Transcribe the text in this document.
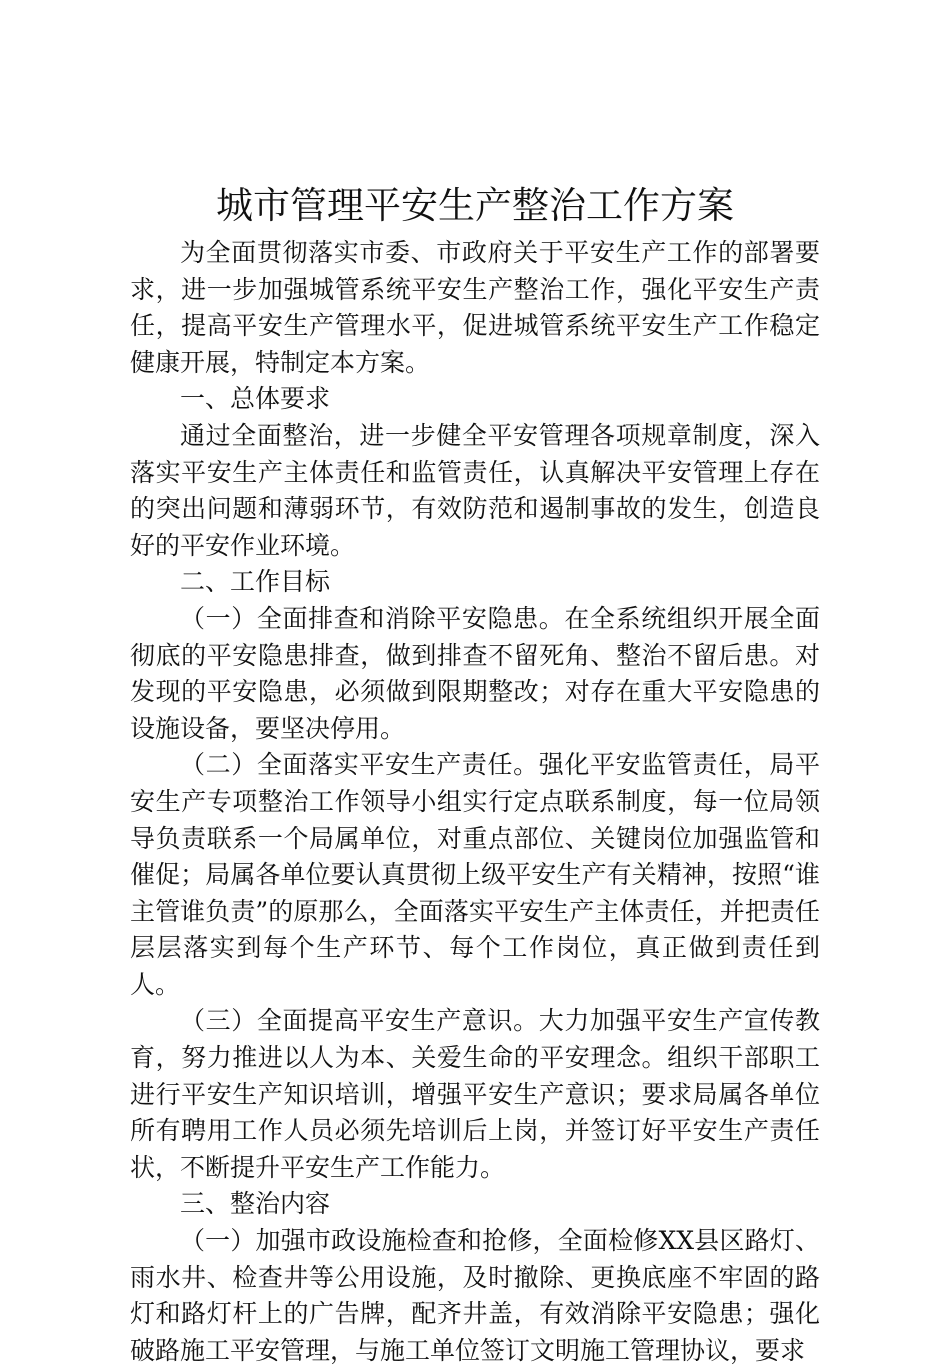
城市管理平安生产整治工作方案

为全面贯彻落实市委、市政府关于平安生产工作的部署要求，进一步加强城管系统平安生产整治工作，强化平安生产责任，提高平安生产管理水平，促进城管系统平安生产工作稳定健康开展，特制定本方案。

一、总体要求

通过全面整治，进一步健全平安管理各项规章制度，深入落实平安生产主体责任和监管责任，认真解决平安管理上存在的突出问题和薄弱环节，有效防范和遏制事故的发生，创造良好的平安作业环境。

二、工作目标

（一）全面排查和消除平安隐患。在全系统组织开展全面彻底的平安隐患排查，做到排查不留死角、整治不留后患。对发现的平安隐患，必须做到限期整改；对存在重大平安隐患的设施设备，要坚决停用。

（二）全面落实平安生产责任。强化平安监管责任，局平安生产专项整治工作领导小组实行定点联系制度，每一位局领导负责联系一个局属单位，对重点部位、关键岗位加强监管和催促；局属各单位要认真贯彻上级平安生产有关精神，按照“谁主管谁负责”的原那么，全面落实平安生产主体责任，并把责任层层落实到每个生产环节、每个工作岗位，真正做到责任到人。

（三）全面提高平安生产意识。大力加强平安生产宣传教育，努力推进以人为本、关爱生命的平安理念。组织干部职工进行平安生产知识培训，增强平安生产意识；要求局属各单位所有聘用工作人员必须先培训后上岗，并签订好平安生产责任状，不断提升平安生产工作能力。

三、整治内容

（一）加强市政设施检查和抢修，全面检修XX县区路灯、雨水井、检查井等公用设施，及时撤除、更换底座不牢固的路灯和路灯杆上的广告牌，配齐井盖，有效消除平安隐患；强化破路施工平安管理，与施工单位签订文明施工管理协议，要求
